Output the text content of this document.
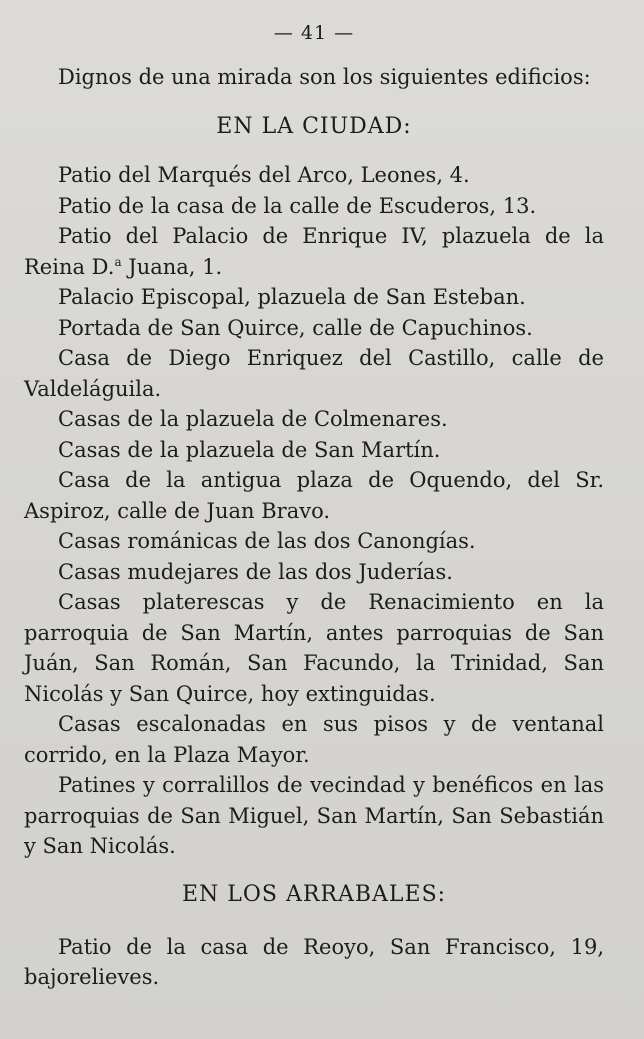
— 41 —

Dignos de una mirada son los siguientes edificios:

EN LA CIUDAD:

Patio del Marqués del Arco, Leones, 4.

Patio de la casa de la calle de Escuderos, 13.

Patio del Palacio de Enrique IV, plazuela de la Reina D.$^a$ Juana, 1.

Palacio Episcopal, plazuela de San Esteban.

Portada de San Quirce, calle de Capuchinos.

Casa de Diego Enriquez del Castillo, calle de Valdeláguila.

Casas de la plazuela de Colmenares.

Casas de la plazuela de San Martín.

Casa de la antigua plaza de Oquendo, del Sr. Aspiroz, calle de Juan Bravo.

Casas románicas de las dos Canongías.

Casas mudejares de las dos Juderías.

Casas platerescas y de Renacimiento en la parroquia de San Martín, antes parroquias de San Juán, San Román, San Facundo, la Trinidad, San Nicolás y San Quirce, hoy extinguidas.

Casas escalonadas en sus pisos y de ventanal corrido, en la Plaza Mayor.

Patines y corralillos de vecindad y benéficos en las parroquias de San Miguel, San Martín, San Sebastián y San Nicolás.

EN LOS ARRABALES:

Patio de la casa de Reoyo, San Francisco, 19, bajorelieves.
